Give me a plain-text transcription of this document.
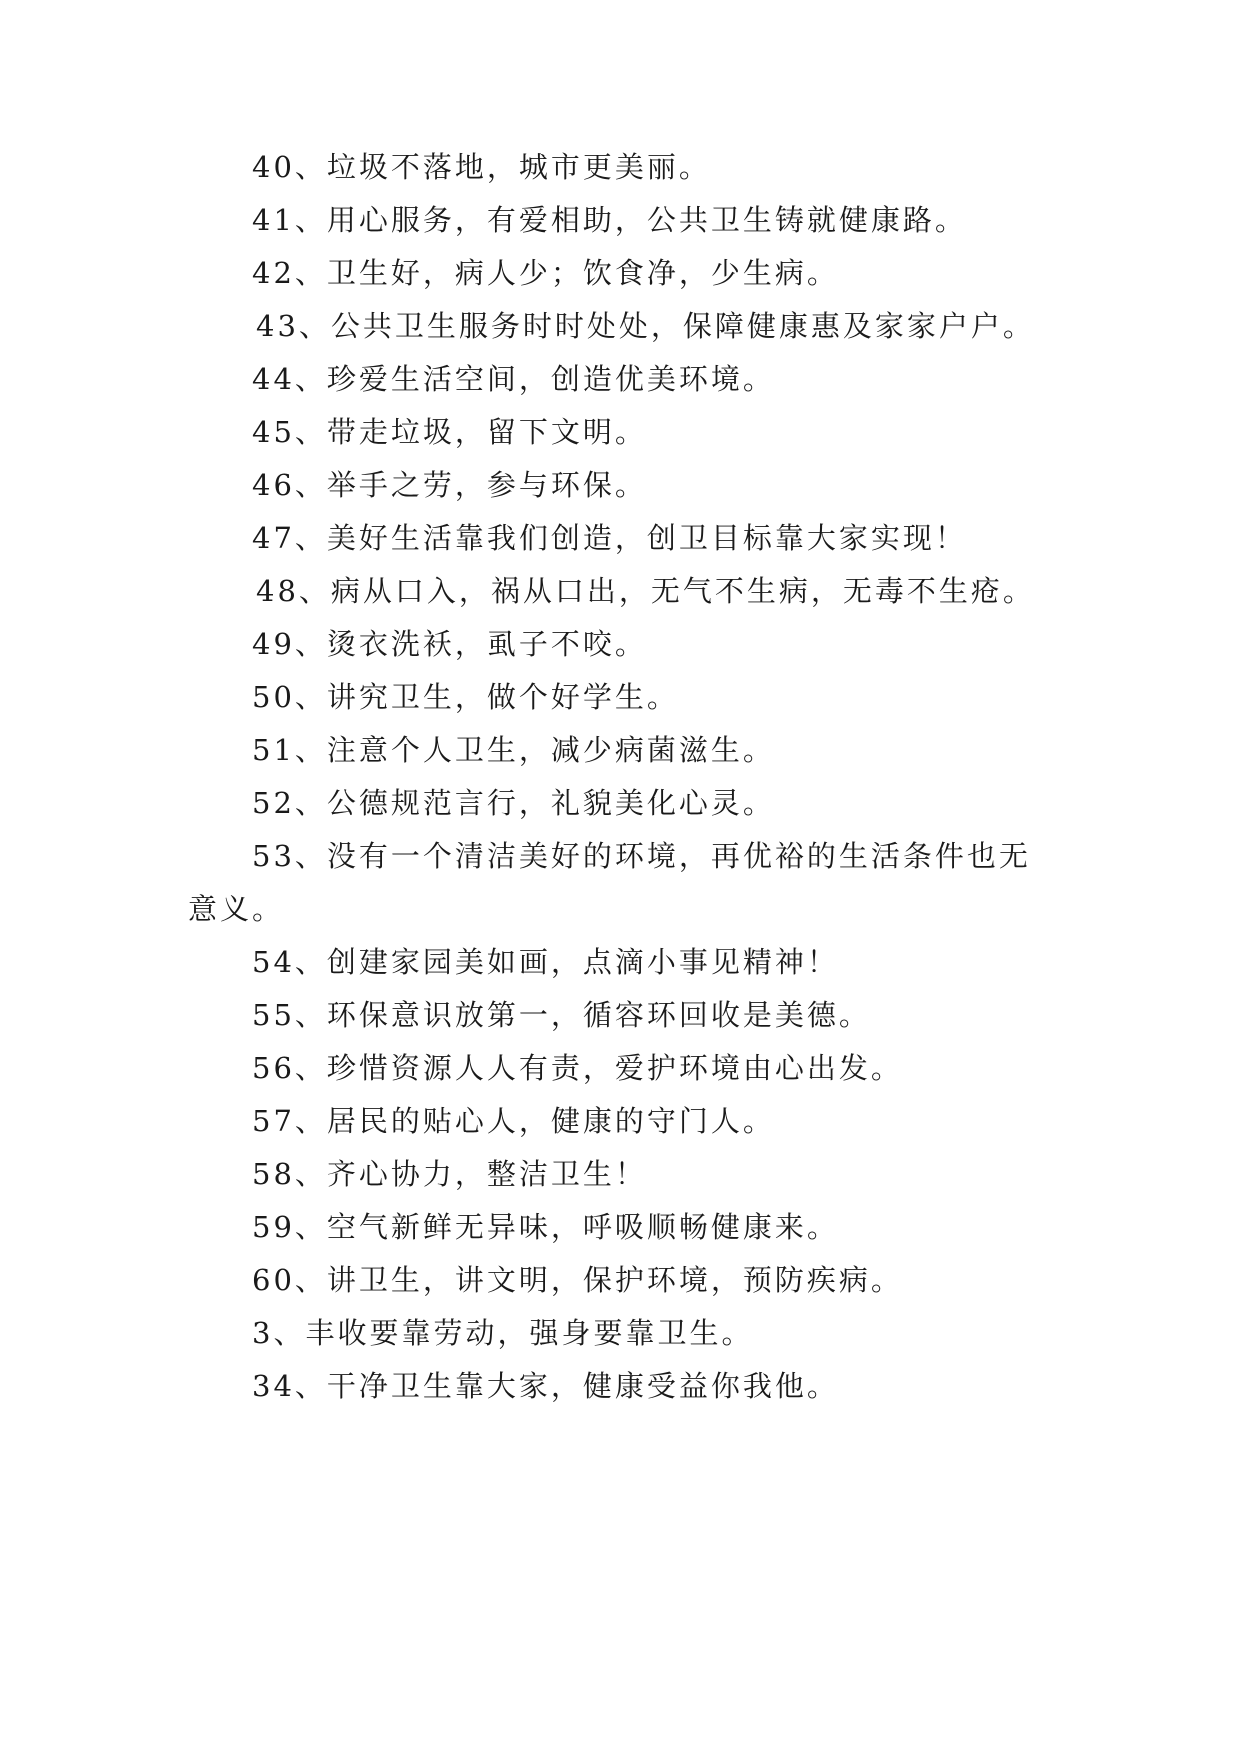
40、垃圾不落地，城市更美丽。
41、用心服务，有爱相助，公共卫生铸就健康路。
42、卫生好，病人少；饮食净，少生病。
43、公共卫生服务时时处处，保障健康惠及家家户户。
44、珍爱生活空间，创造优美环境。
45、带走垃圾，留下文明。
46、举手之劳，参与环保。
47、美好生活靠我们创造，创卫目标靠大家实现！
48、病从口入，祸从口出，无气不生病，无毒不生疮。
49、烫衣洗袄，虱子不咬。
50、讲究卫生，做个好学生。
51、注意个人卫生，减少病菌滋生。
52、公德规范言行，礼貌美化心灵。
53、没有一个清洁美好的环境，再优裕的生活条件也无
意义。
54、创建家园美如画，点滴小事见精神！
55、环保意识放第一，循容环回收是美德。
56、珍惜资源人人有责，爱护环境由心出发。
57、居民的贴心人，健康的守门人。
58、齐心协力，整洁卫生！
59、空气新鲜无异味，呼吸顺畅健康来。
60、讲卫生，讲文明，保护环境，预防疾病。
3、丰收要靠劳动，强身要靠卫生。
34、干净卫生靠大家，健康受益你我他。
